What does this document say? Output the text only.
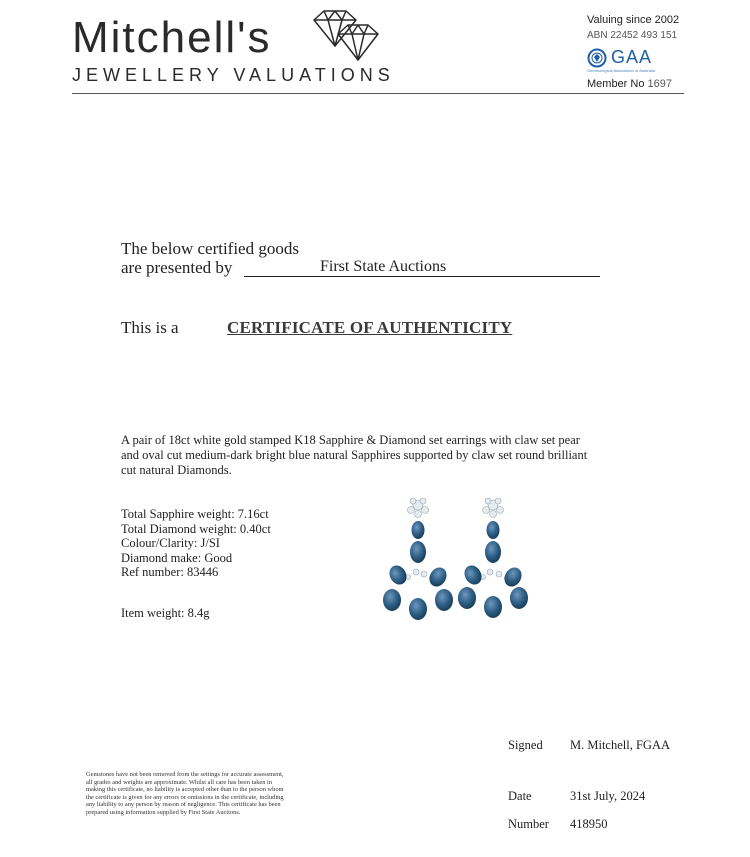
Mitchell's
JEWELLERY VALUATIONS
Valuing since 2002
ABN 22452 493 151
GAA
Gemmological Association of Australia
Member No 1697
The below certified goods
are presented by	First State Auctions
This is a	CERTIFICATE OF AUTHENTICITY
A pair of 18ct white gold stamped K18 Sapphire & Diamond set earrings with claw set pear and oval cut medium-dark bright blue natural Sapphires supported by claw set round brilliant cut natural Diamonds.
Total Sapphire weight: 7.16ct
Total Diamond weight: 0.40ct
Colour/Clarity: J/SI
Diamond make: Good
Ref number: 83446
Item weight: 8.4g
Signed M. Mitchell, FGAA
Date	31st July, 2024
Number 418950
Gemstones have not been removed from the settings for accurate assessment, all grades and weights are approximate. Whilst all care has been taken in making this certificate, no liability is accepted other than to the person whom the certificate is given for any errors or omissions in the certificate, including any liability to any person by reason of negligence. This certificate has been prepared using information supplied by First State Auctions.
